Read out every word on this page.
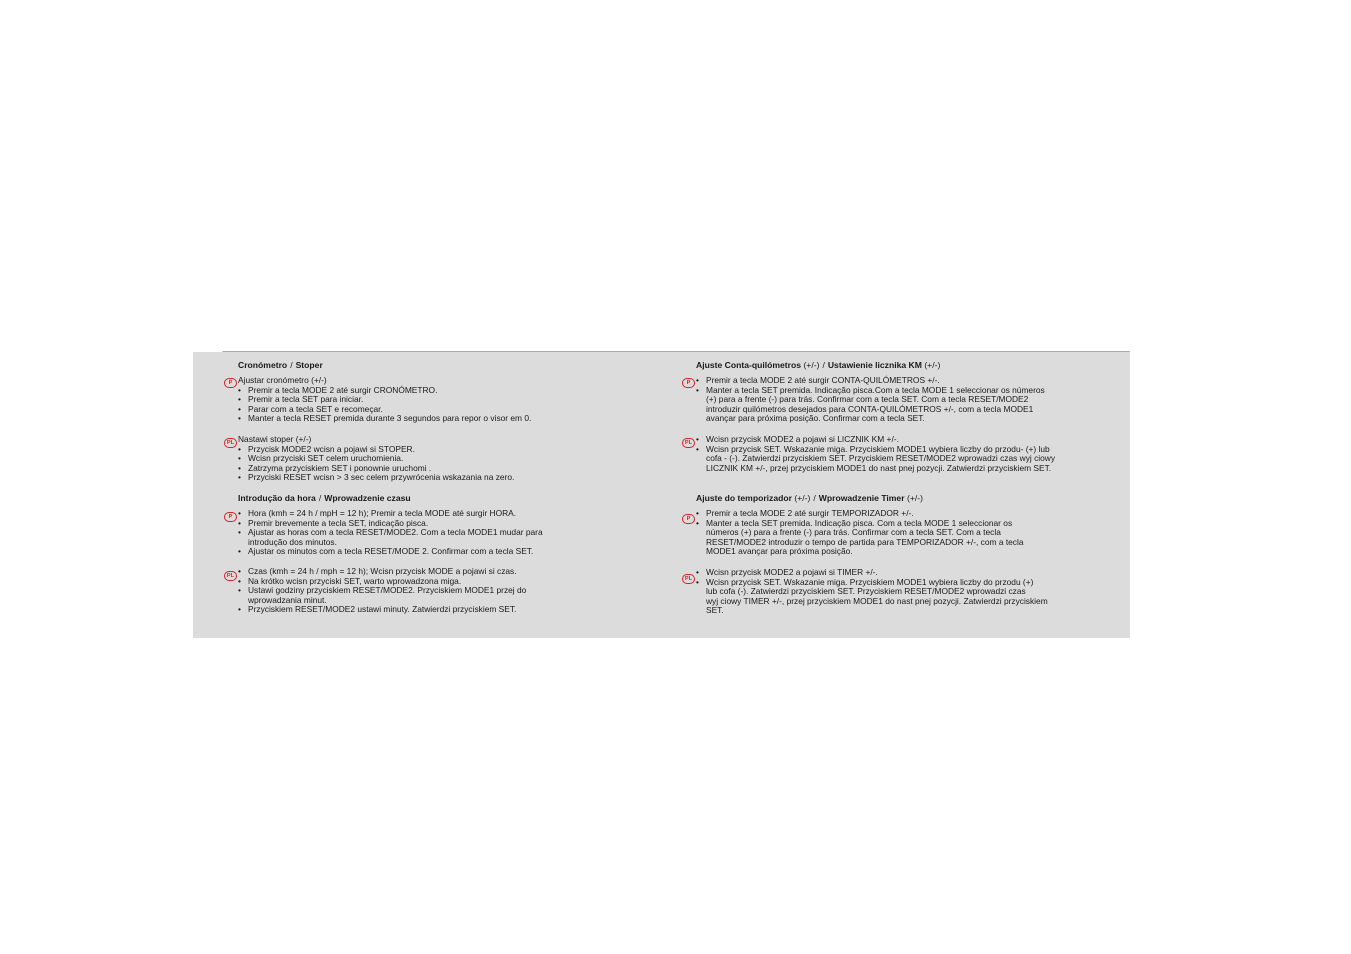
Cronómetro / Stoper
P Ajustar cronómetro (+/-)
• Premir a tecla MODE 2 até surgir CRONÓMETRO.
• Premir a tecla SET para iniciar.
• Parar com a tecla SET e recomeçar.
• Manter a tecla RESET premida durante 3 segundos para repor o visor em 0.
PL Nastawi stoper (+/-)
• Przycisk MODE2 wcisn a pojawi si STOPER.
• Wcisn przyciski SET celem uruchomienia.
• Zatrzyma przyciskiem SET i ponownie uruchomi .
• Przyciski RESET wcisn > 3 sec celem przywrócenia wskazania na zero.
Introdução da hora / Wprowadzenie czasu
P	• Hora (kmh = 24 h / mpH = 12 h); Premir a tecla MODE até surgir HORA.
• Premir brevemente a tecla SET, indicação pisca.
• Ajustar as horas com a tecla RESET/MODE2. Com a tecla MODE1 mudar para
introdução dos minutos.
• Ajustar os minutos com a tecla RESET/MODE 2. Confirmar com a tecla SET.
PL	• Czas (kmh = 24 h / mph = 12 h); Wcisn przycisk MODE a pojawi si czas.
• Na krótko wcisn przyciski SET, warto wprowadzona miga.
• Ustawi godziny przyciskiem RESET/MODE2. Przyciskiem MODE1 przej do
wprowadzania minut.
• Przyciskiem RESET/MODE2 ustawi minuty. Zatwierdzi przyciskiem SET.
Ajuste Conta-quilómetros (+/-) / Ustawienie licznika KM (+/-)
P	• Premir a tecla MODE 2 até surgir CONTA-QUILÓMETROS +/-.
• Manter a tecla SET premida. Indicação pisca.Com a tecla MODE 1 seleccionar os números
(+) para a frente (-) para trás. Confirmar com a tecla SET. Com a tecla RESET/MODE2
introduzir quilómetros desejados para CONTA-QUILÓMETROS +/-, com a tecla MODE1
avançar para próxima posição. Confirmar com a tecla SET.
PL	• Wcisn przycisk MODE2 a pojawi si LICZNIK KM +/-.
• Wcisn przycisk SET. Wskazanie miga. Przyciskiem MODE1 wybiera liczby do przodu- (+) lub
cofa - (-). Zatwierdzi przyciskiem SET. Przyciskiem RESET/MODE2 wprowadzi czas wyj ciowy
LICZNIK KM +/-, przej przyciskiem MODE1 do nast pnej pozycji. Zatwierdzi przyciskiem SET.
Ajuste do temporizador (+/-) / Wprowadzenie Timer (+/-)
P
• Premir a tecla MODE 2 até surgir TEMPORIZADOR +/-.
• Manter a tecla SET premida. Indicação pisca. Com a tecla MODE 1 seleccionar os
números (+) para a frente (-) para trás. Confirmar com a tecla SET. Com a tecla
RESET/MODE2 introduzir o tempo de partida para TEMPORIZADOR +/-, com a tecla
MODE1 avançar para próxima posição.
PL
• Wcisn przycisk MODE2 a pojawi si TIMER +/-.
• Wcisn przycisk SET. Wskazanie miga. Przyciskiem MODE1 wybiera liczby do przodu (+)
lub cofa (-). Zatwierdzi przyciskiem SET. Przyciskiem RESET/MODE2 wprowadzi czas
wyj ciowy TIMER +/-, przej przyciskiem MODE1 do nast pnej pozycji. Zatwierdzi przyciskiem
SET.
